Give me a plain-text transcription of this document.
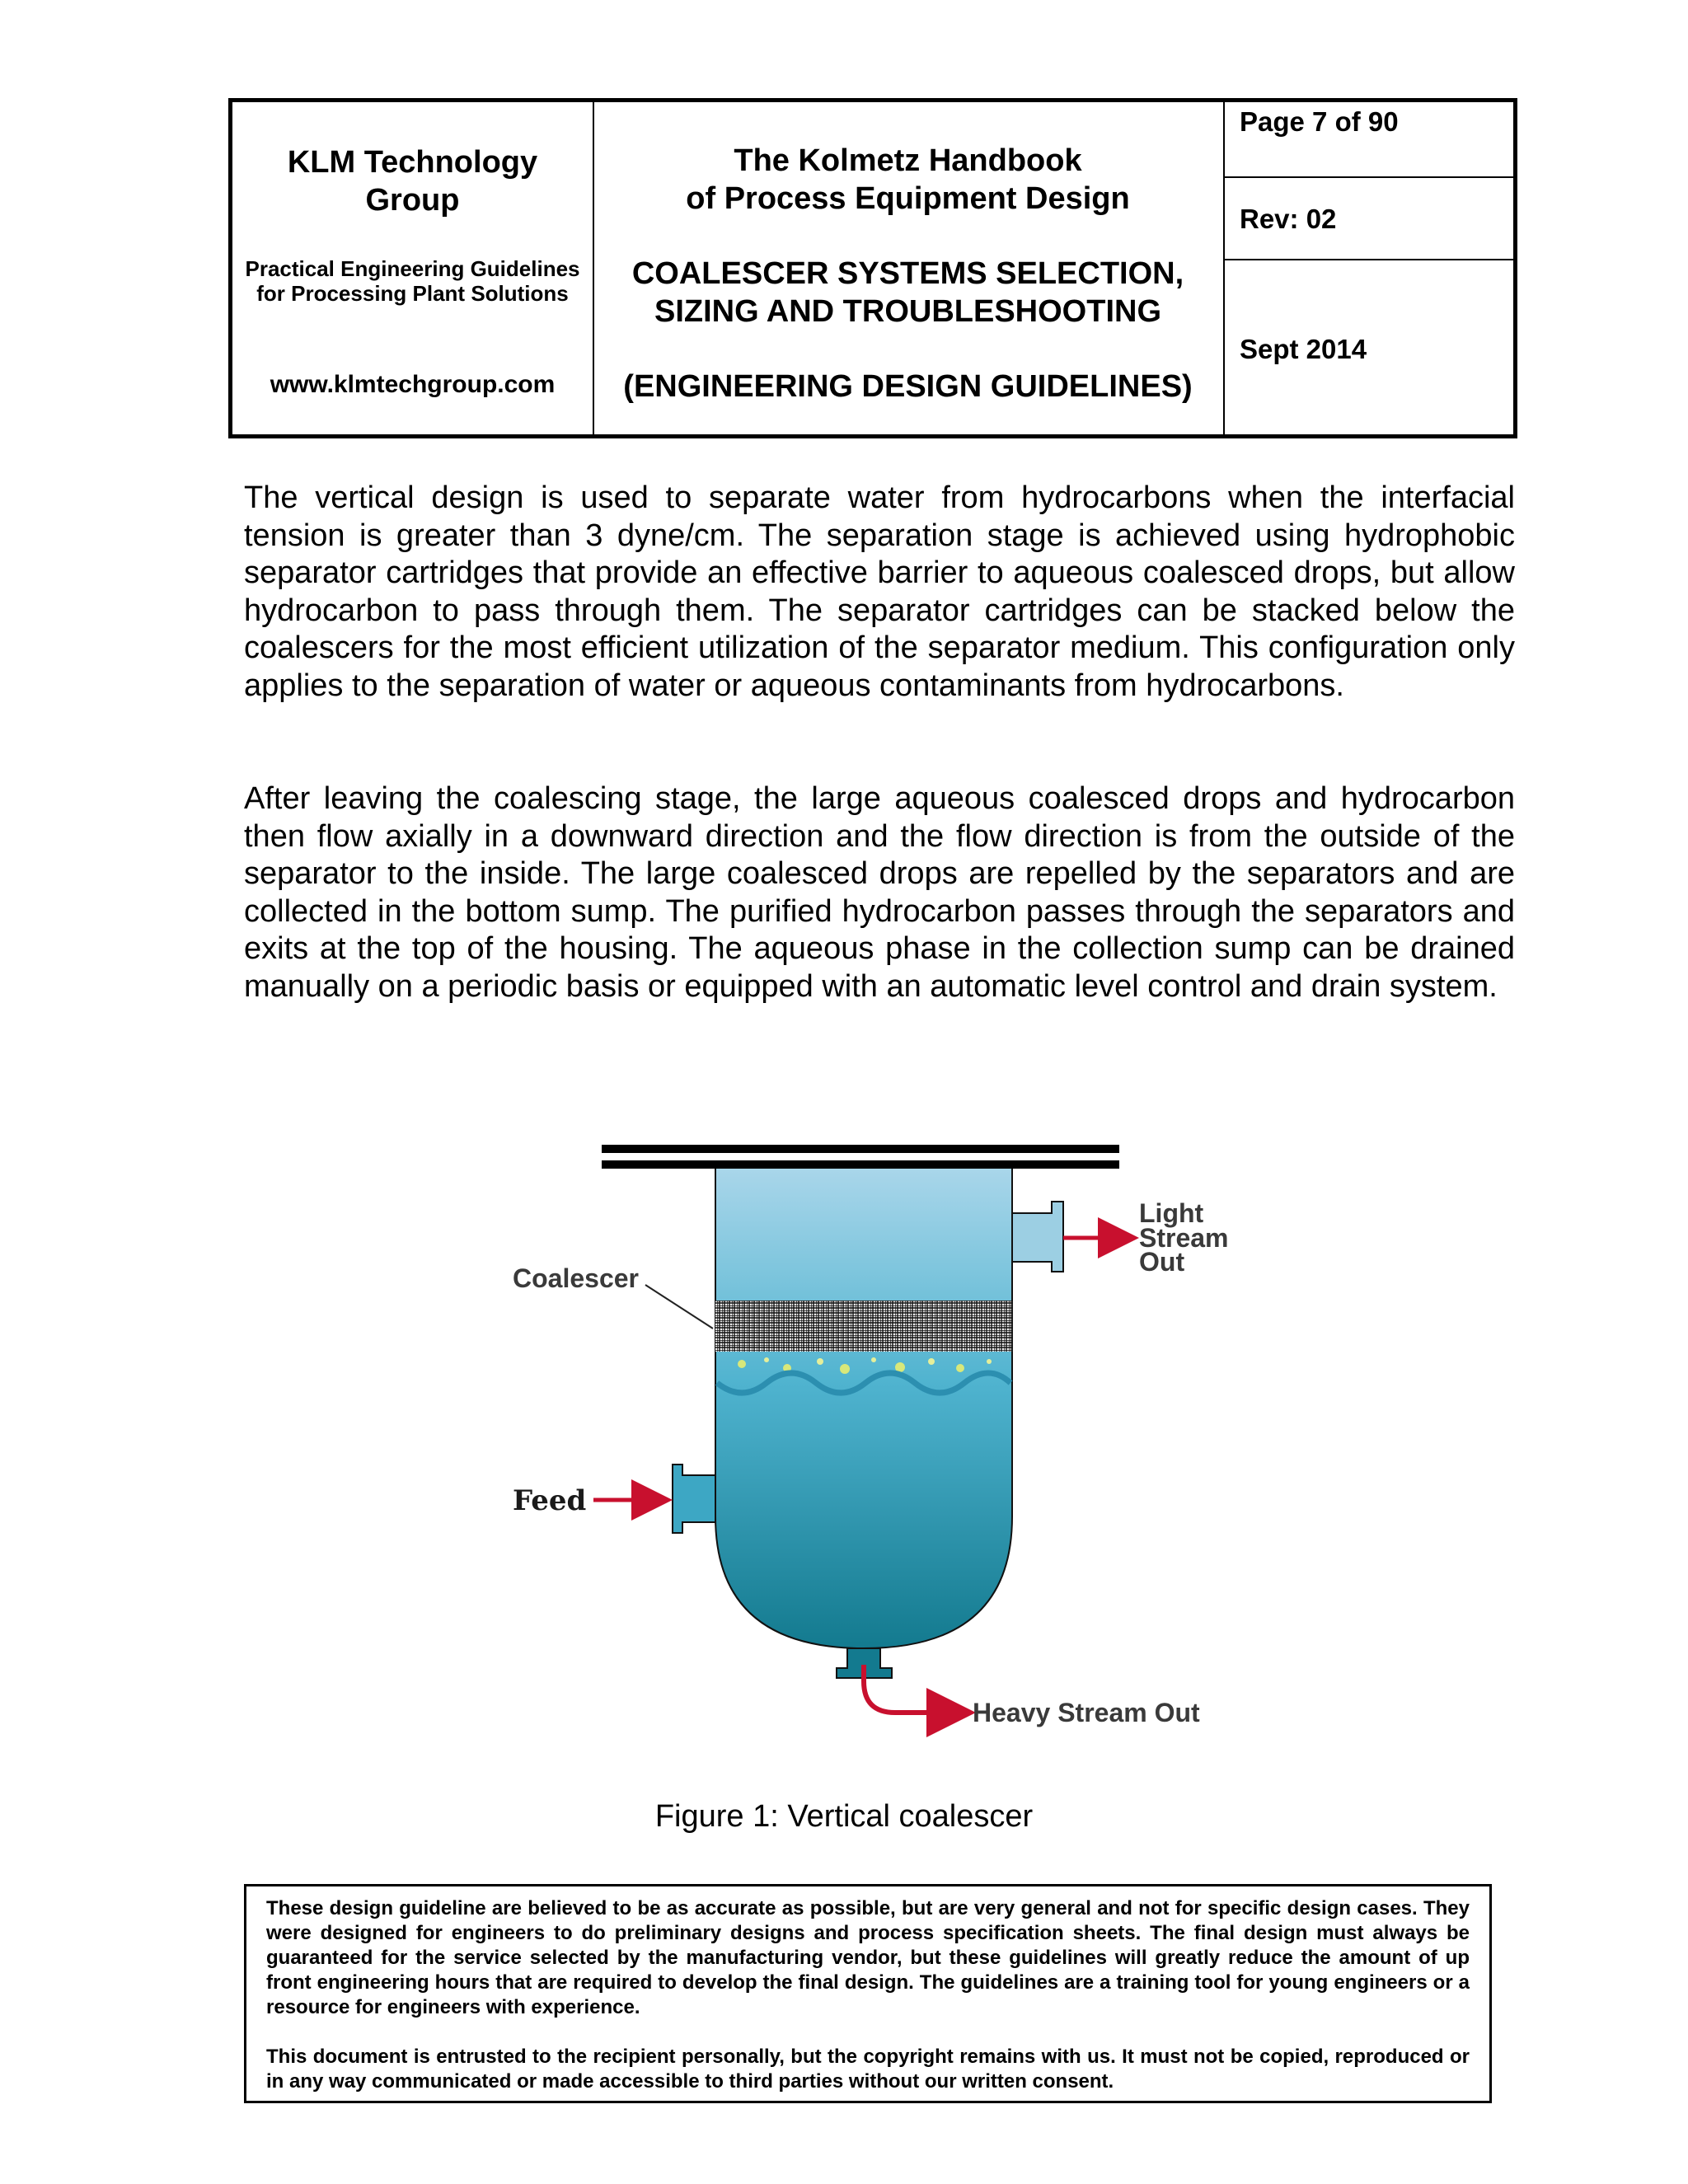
KLM Technology Group
Practical Engineering Guidelines for Processing Plant Solutions
www.klmtechgroup.com
The Kolmetz Handbook
of Process Equipment Design
COALESCER SYSTEMS SELECTION,
SIZING AND TROUBLESHOOTING
(ENGINEERING DESIGN GUIDELINES)
Page 7 of 90
Rev: 02
Sept 2014

The vertical design is used to separate water from hydrocarbons when the interfacial tension is greater than 3 dyne/cm. The separation stage is achieved using hydrophobic separator cartridges that provide an effective barrier to aqueous coalesced drops, but allow hydrocarbon to pass through them. The separator cartridges can be stacked below the coalescers for the most efficient utilization of the separator medium. This configuration only applies to the separation of water or aqueous contaminants from hydrocarbons.

After leaving the coalescing stage, the large aqueous coalesced drops and hydrocarbon then flow axially in a downward direction and the flow direction is from the outside of the separator to the inside. The large coalesced drops are repelled by the separators and are collected in the bottom sump. The purified hydrocarbon passes through the separators and exits at the top of the housing. The aqueous phase in the collection sump can be drained manually on a periodic basis or equipped with an automatic level control and drain system.

Coalescer
Feed
Light
Stream
Out
Heavy Stream Out
Figure 1: Vertical coalescer

These design guideline are believed to be as accurate as possible, but are very general and not for specific design cases. They were designed for engineers to do preliminary designs and process specification sheets. The final design must always be guaranteed for the service selected by the manufacturing vendor, but these guidelines will greatly reduce the amount of up front engineering hours that are required to develop the final design. The guidelines are a training tool for young engineers or a resource for engineers with experience.

This document is entrusted to the recipient personally, but the copyright remains with us. It must not be copied, reproduced or in any way communicated or made accessible to third parties without our written consent.
